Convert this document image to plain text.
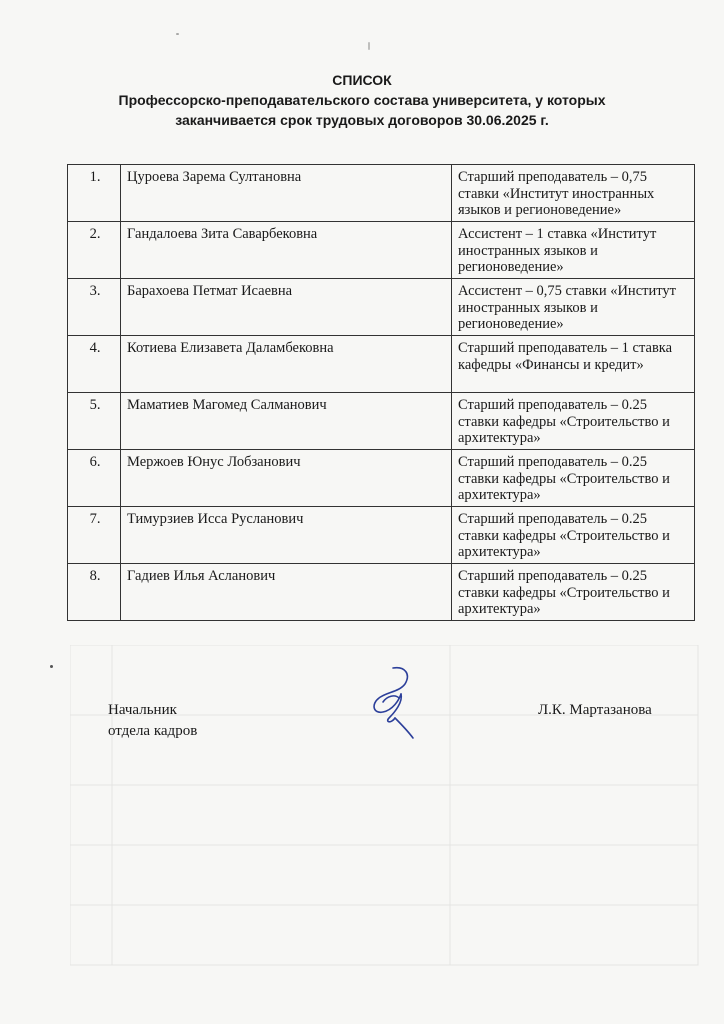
СПИСОК
Профессорско-преподавательского состава университета, у которых
заканчивается срок трудовых договоров 30.06.2025 г.
1.	Цуроева Зарема Султановна	Старший преподаватель – 0,75 ставки «Институт иностранных языков и регионоведение»
2.	Гандалоева Зита Саварбековна	Ассистент – 1 ставка «Институт иностранных языков и регионоведение»
3.	Барахоева Петмат Исаевна	Ассистент – 0,75 ставки «Институт иностранных языков и регионоведение»
4.	Котиева Елизавета Даламбековна	Старший преподаватель – 1 ставка кафедры «Финансы и кредит»
5.	Маматиев Магомед Салманович	Старший преподаватель – 0.25 ставки кафедры «Строительство и архитектура»
6.	Мержоев Юнус Лобзанович	Старший преподаватель – 0.25 ставки кафедры «Строительство и архитектура»
7.	Тимурзиев Исса Русланович	Старший преподаватель – 0.25 ставки кафедры «Строительство и архитектура»
8.	Гадиев Илья Асланович	Старший преподаватель – 0.25 ставки кафедры «Строительство и архитектура»
Начальник
отдела кадров
Л.К. Мартазанова
